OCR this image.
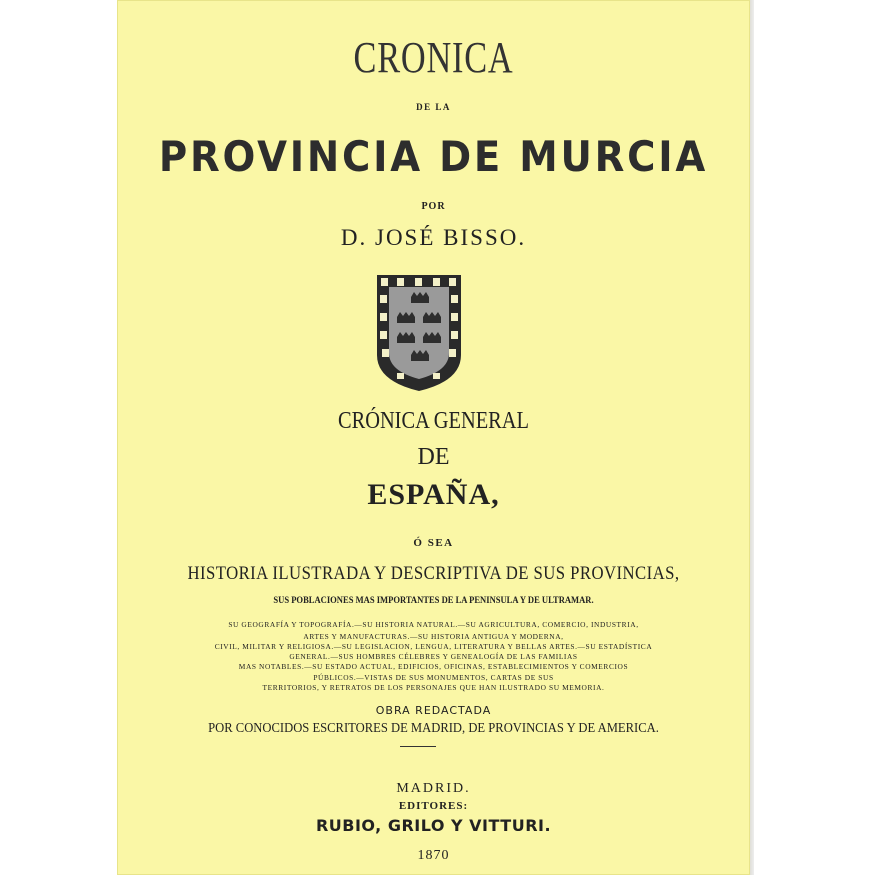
CRONICA
DE LA
PROVINCIA DE MURCIA
POR
D. JOSÉ BISSO.
CRÓNICA GENERAL
DE
ESPAÑA,
Ó SEA
HISTORIA ILUSTRADA Y DESCRIPTIVA DE SUS PROVINCIAS,
SUS POBLACIONES MAS IMPORTANTES DE LA PENINSULA Y DE ULTRAMAR.
SU GEOGRAFÍA Y TOPOGRAFÍA.—SU HISTORIA NATURAL.—SU AGRICULTURA, COMERCIO, INDUSTRIA,
ARTES Y MANUFACTURAS.—SU HISTORIA ANTIGUA Y MODERNA,
CIVIL, MILITAR Y RELIGIOSA.—SU LEGISLACION, LENGUA, LITERATURA Y BELLAS ARTES.—SU ESTADÍSTICA
GENERAL.—SUS HOMBRES CÉLEBRES Y GENEALOGÍA DE LAS FAMILIAS
MAS NOTABLES.—SU ESTADO ACTUAL, EDIFICIOS, OFICINAS, ESTABLECIMIENTOS Y COMERCIOS
PÚBLICOS.—VISTAS DE SUS MONUMENTOS, CARTAS DE SUS
TERRITORIOS, Y RETRATOS DE LOS PERSONAJES QUE HAN ILUSTRADO SU MEMORIA.
OBRA REDACTADA
POR CONOCIDOS ESCRITORES DE MADRID, DE PROVINCIAS Y DE AMERICA.
MADRID.
EDITORES:
RUBIO, GRILO Y VITTURI.
1870
